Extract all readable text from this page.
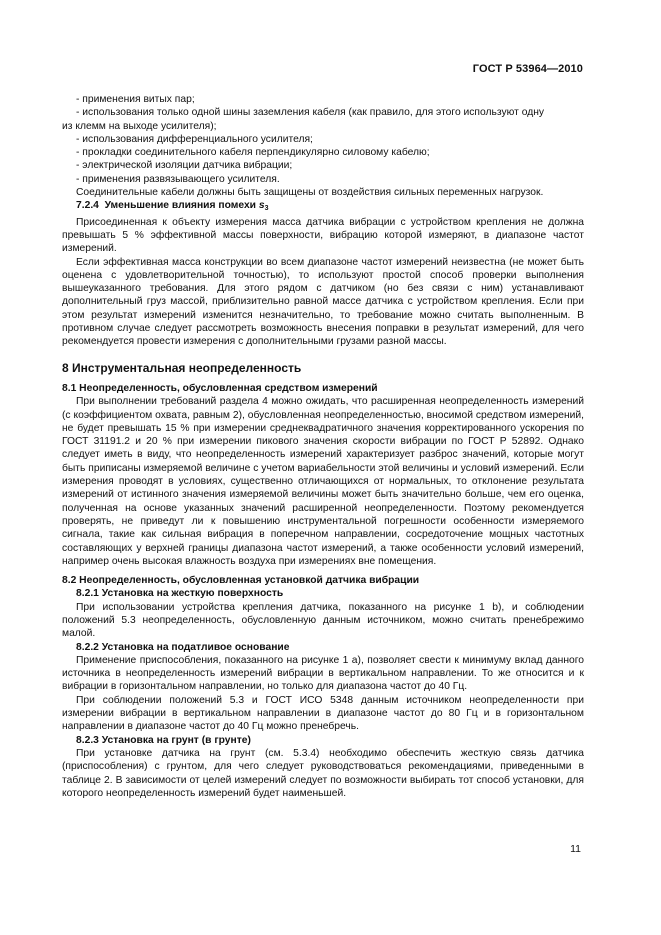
ГОСТ Р 53964—2010

- применения витых пар;

- использования только одной шины заземления кабеля (как правило, для этого используют одну

из клемм на выходе усилителя);

- использования дифференциального усилителя;

- прокладки соединительного кабеля перпендикулярно силовому кабелю;

- электрической изоляции датчика вибрации;

- применения развязывающего усилителя.

Соединительные кабели должны быть защищены от воздействия сильных переменных нагрузок.

7.2.4 Уменьшение влияния помехи $s_3$

Присоединенная к объекту измерения масса датчика вибрации с устройством крепления не должна превышать 5 % эффективной массы поверхности, вибрацию которой измеряют, в диапазоне частот измерений.

Если эффективная масса конструкции во всем диапазоне частот измерений неизвестна (не может быть оценена с удовлетворительной точностью), то используют простой способ проверки выполнения вышеуказанного требования. Для этого рядом с датчиком (но без связи с ним) устанавливают дополнительный груз массой, приблизительно равной массе датчика с устройством крепления. Если при этом результат измерений изменится незначительно, то требование можно считать выполненным. В противном случае следует рассмотреть возможность внесения поправки в результат измерений, для чего рекомендуется провести измерения с дополнительными грузами разной массы.

8 Инструментальная неопределенность

8.1 Неопределенность, обусловленная средством измерений

При выполнении требований раздела 4 можно ожидать, что расширенная неопределенность измерений (с коэффициентом охвата, равным 2), обусловленная неопределенностью, вносимой средством измерений, не будет превышать 15 % при измерении среднеквадратичного значения корректированного ускорения по ГОСТ 31191.2 и 20 % при измерении пикового значения скорости вибрации по ГОСТ Р 52892. Однако следует иметь в виду, что неопределенность измерений характеризует разброс значений, которые могут быть приписаны измеряемой величине с учетом вариабельности этой величины и условий измерений. Если измерения проводят в условиях, существенно отличающихся от нормальных, то отклонение результата измерений от истинного значения измеряемой величины может быть значительно больше, чем его оценка, полученная на основе указанных значений расширенной неопределенности. Поэтому рекомендуется проверять, не приведут ли к повышению инструментальной погрешности особенности измеряемого сигнала, такие как сильная вибрация в поперечном направлении, сосредоточение мощных частотных составляющих у верхней границы диапазона частот измерений, а также особенности условий измерений, например очень высокая влажность воздуха при измерениях вне помещения.

8.2 Неопределенность, обусловленная установкой датчика вибрации

8.2.1 Установка на жесткую поверхность

При использовании устройства крепления датчика, показанного на рисунке 1 b), и соблюдении положений 5.3 неопределенность, обусловленную данным источником, можно считать пренебрежимо малой.

8.2.2 Установка на податливое основание

Применение приспособления, показанного на рисунке 1 а), позволяет свести к минимуму вклад данного источника в неопределенность измерений вибрации в вертикальном направлении. То же относится и к вибрации в горизонтальном направлении, но только для диапазона частот до 40 Гц.

При соблюдении положений 5.3 и ГОСТ ИСО 5348 данным источником неопределенности при измерении вибрации в вертикальном направлении в диапазоне частот до 80 Гц и в горизонтальном направлении в диапазоне частот до 40 Гц можно пренебречь.

8.2.3 Установка на грунт (в грунте)

При установке датчика на грунт (см. 5.3.4) необходимо обеспечить жесткую связь датчика (приспособления) с грунтом, для чего следует руководствоваться рекомендациями, приведенными в таблице 2. В зависимости от целей измерений следует по возможности выбирать тот способ установки, для которого неопределенность измерений будет наименьшей.

11
